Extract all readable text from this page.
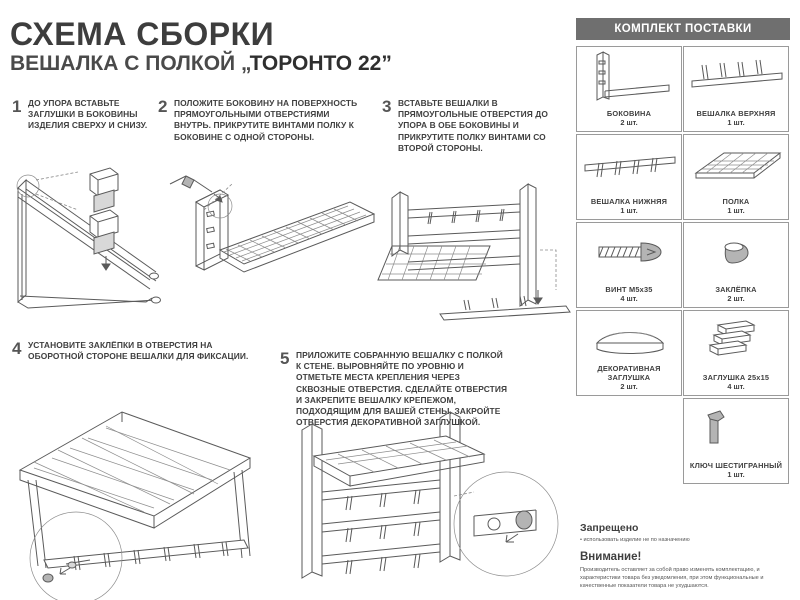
СХЕМА СБОРКИ
ВЕШАЛКА С ПОЛКОЙ „ТОРОНТО 22”
1 ДО УПОРА ВСТАВЬТЕ ЗАГЛУШКИ В БОКОВИНЫ ИЗДЕЛИЯ СВЕРХУ И СНИЗУ.
2 ПОЛОЖИТЕ БОКОВИНУ НА ПОВЕРХНОСТЬ ПРЯМОУГОЛЬНЫМИ ОТВЕРСТИЯМИ ВНУТРЬ. ПРИКРУТИТЕ ВИНТАМИ ПОЛКУ К БОКОВИНЕ С ОДНОЙ СТОРОНЫ.
3 ВСТАВЬТЕ ВЕШАЛКИ В ПРЯМОУГОЛЬНЫЕ ОТВЕРСТИЯ ДО УПОРА В ОБЕ БОКОВИНЫ И ПРИКРУТИТЕ ПОЛКУ ВИНТАМИ СО ВТОРОЙ СТОРОНЫ.
4 УСТАНОВИТЕ ЗАКЛЁПКИ В ОТВЕРСТИЯ НА ОБОРОТНОЙ СТОРОНЕ ВЕШАЛКИ ДЛЯ ФИКСАЦИИ.	5 ПРИЛОЖИТЕ СОБРАННУЮ ВЕШАЛКУ С ПОЛКОЙ К СТЕНЕ. ВЫРОВНЯЙТЕ ПО УРОВНЮ И ОТМЕТЬТЕ МЕСТА КРЕПЛЕНИЯ ЧЕРЕЗ СКВОЗНЫЕ ОТВЕРСТИЯ. СДЕЛАЙТЕ ОТВЕРСТИЯ И ЗАКРЕПИТЕ ВЕШАЛКУ КРЕПЕЖОМ, ПОДХОДЯЩИМ ДЛЯ ВАШЕЙ СТЕНЫ. ЗАКРОЙТЕ ОТВЕРСТИЯ ДЕКОРАТИВНОЙ ЗАГЛУШКОЙ.
КОМПЛЕКТ ПОСТАВКИ
БОКОВИНА
2 шт.
ВЕШАЛКА ВЕРХНЯЯ
1 шт.
ВЕШАЛКА НИЖНЯЯ
1 шт.
ПОЛКА
1 шт.
ВИНТ М5х35
4 шт.
ЗАКЛЁПКА
2 шт.
ДЕКОРАТИВНАЯ ЗАГЛУШКА
2 шт.
ЗАГЛУШКА 25х15
4 шт.
КЛЮЧ ШЕСТИГРАННЫЙ
1 шт.
Запрещено
• использовать изделие не по назначению
Внимание!
Производитель оставляет за собой право изменять комплектацию, и характеристики товара без уведомления, при этом функциональные и качественные показатели товара не ухудшаются.
